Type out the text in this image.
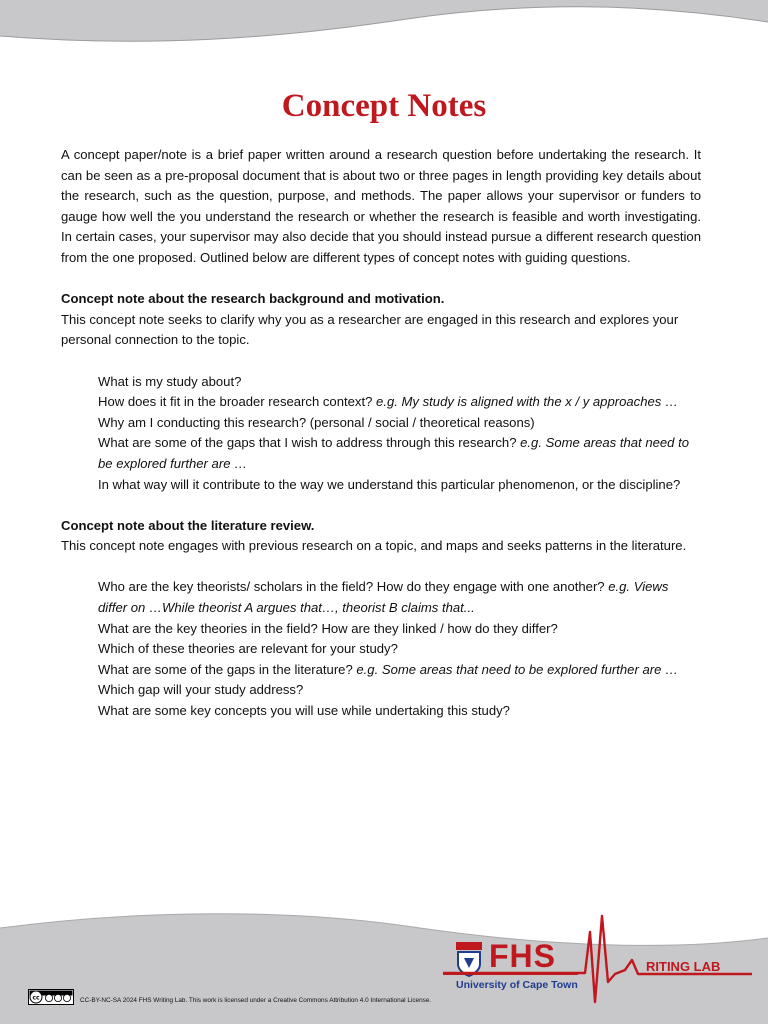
Concept Notes

A concept paper/note is a brief paper written around a research question before undertaking the research. It can be seen as a pre-proposal document that is about two or three pages in length providing key details about the research, such as the question, purpose, and methods. The paper allows your supervisor or funders to gauge how well the you understand the research or whether the research is feasible and worth investigating. In certain cases, your supervisor may also decide that you should instead pursue a different research question from the one proposed. Outlined below are different types of concept notes with guiding questions.

Concept note about the research background and motivation.

This concept note seeks to clarify why you as a researcher are engaged in this research and explores your personal connection to the topic.

What is my study about?
How does it fit in the broader research context? e.g. My study is aligned with the x / y approaches …
Why am I conducting this research? (personal / social / theoretical reasons)
What are some of the gaps that I wish to address through this research? e.g. Some areas that need to be explored further are …
In what way will it contribute to the way we understand this particular phenomenon, or the discipline?

Concept note about the literature review.

This concept note engages with previous research on a topic, and maps and seeks patterns in the literature.

Who are the key theorists/ scholars in the field? How do they engage with one another? e.g. Views differ on …While theorist A argues that…, theorist B claims that...
What are the key theories in the field? How are they linked / how do they differ?
Which of these theories are relevant for your study?
What are some of the gaps in the literature? e.g. Some areas that need to be explored further are …
Which gap will your study address?
What are some key concepts you will use while undertaking this study?
FHS
University of Cape Town
RITING LAB
cc	CC-BY-NC-SA 2024 FHS Writing Lab. This work is licensed under a Creative Commons Attribution 4.0 International License.
